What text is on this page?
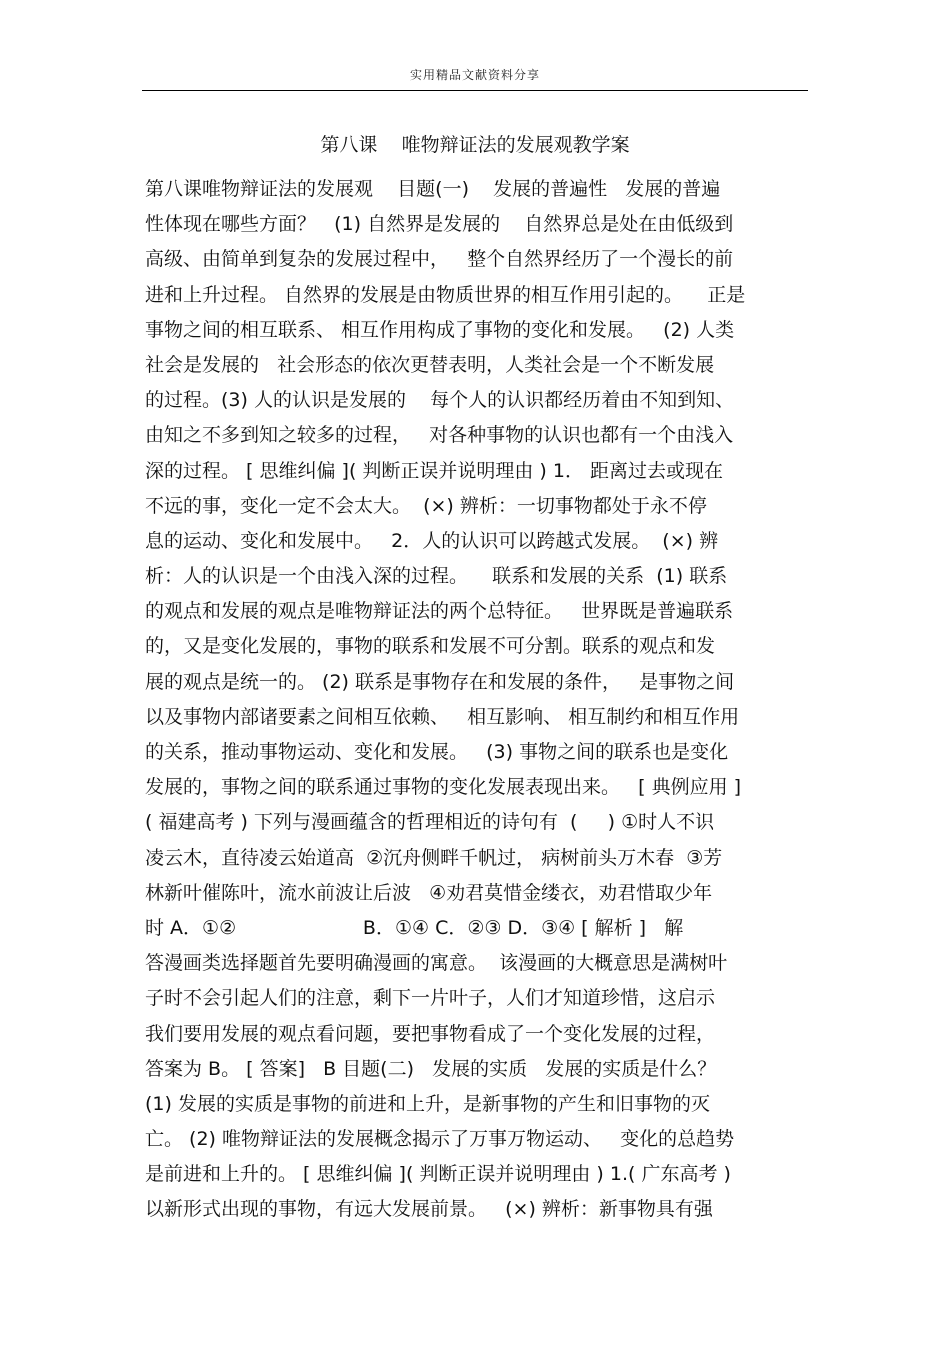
实用精品文献资料分享
第八课    唯物辩证法的发展观教学案
第八课唯物辩证法的发展观    目题(一)    发展的普遍性   发展的普遍
性体现在哪些方面？   (1) 自然界是发展的    自然界总是处在由低级到
高级、由简单到复杂的发展过程中，   整个自然界经历了一个漫长的前
进和上升过程。 自然界的发展是由物质世界的相互作用引起的。    正是
事物之间的相互联系、 相互作用构成了事物的变化和发展。   (2) 人类
社会是发展的   社会形态的依次更替表明，人类社会是一个不断发展
的过程。(3) 人的认识是发展的    每个人的认识都经历着由不知到知、
由知之不多到知之较多的过程，   对各种事物的认识也都有一个由浅入
深的过程。 [ 思维纠偏 ]( 判断正误并说明理由 ) 1． 距离过去或现在
不远的事，变化一定不会太大。  (×) 辨析：一切事物都处于永不停
息的运动、变化和发展中。   2．人的认识可以跨越式发展。  (×) 辨
析：人的认识是一个由浅入深的过程。    联系和发展的关系  (1) 联系
的观点和发展的观点是唯物辩证法的两个总特征。   世界既是普遍联系
的，又是变化发展的，事物的联系和发展不可分割。联系的观点和发
展的观点是统一的。 (2) 联系是事物存在和发展的条件，   是事物之间
以及事物内部诸要素之间相互依赖、   相互影响、 相互制约和相互作用
的关系，推动事物运动、变化和发展。   (3) 事物之间的联系也是变化
发展的，事物之间的联系通过事物的变化发展表现出来。   [ 典例应用 ]
( 福建高考 ) 下列与漫画蕴含的哲理相近的诗句有  (     ) ①时人不识
凌云木，直待凌云始道高  ②沉舟侧畔千帆过， 病树前头万木春  ③芳
林新叶催陈叶，流水前波让后波   ④劝君莫惜金缕衣，劝君惜取少年
时 A．①②                     B．①④ C．②③ D．③④ [ 解析 ]   解
答漫画类选择题首先要明确漫画的寓意。  该漫画的大概意思是满树叶
子时不会引起人们的注意，剩下一片叶子，人们才知道珍惜，这启示
我们要用发展的观点看问题，要把事物看成了一个变化发展的过程，
答案为 B。 [ 答案]   B 目题(二)   发展的实质   发展的实质是什么？
(1) 发展的实质是事物的前进和上升，是新事物的产生和旧事物的灭
亡。 (2) 唯物辩证法的发展概念揭示了万事万物运动、   变化的总趋势
是前进和上升的。 [ 思维纠偏 ]( 判断正误并说明理由 ) 1.( 广东高考 )
以新形式出现的事物，有远大发展前景。   (×) 辨析：新事物具有强
